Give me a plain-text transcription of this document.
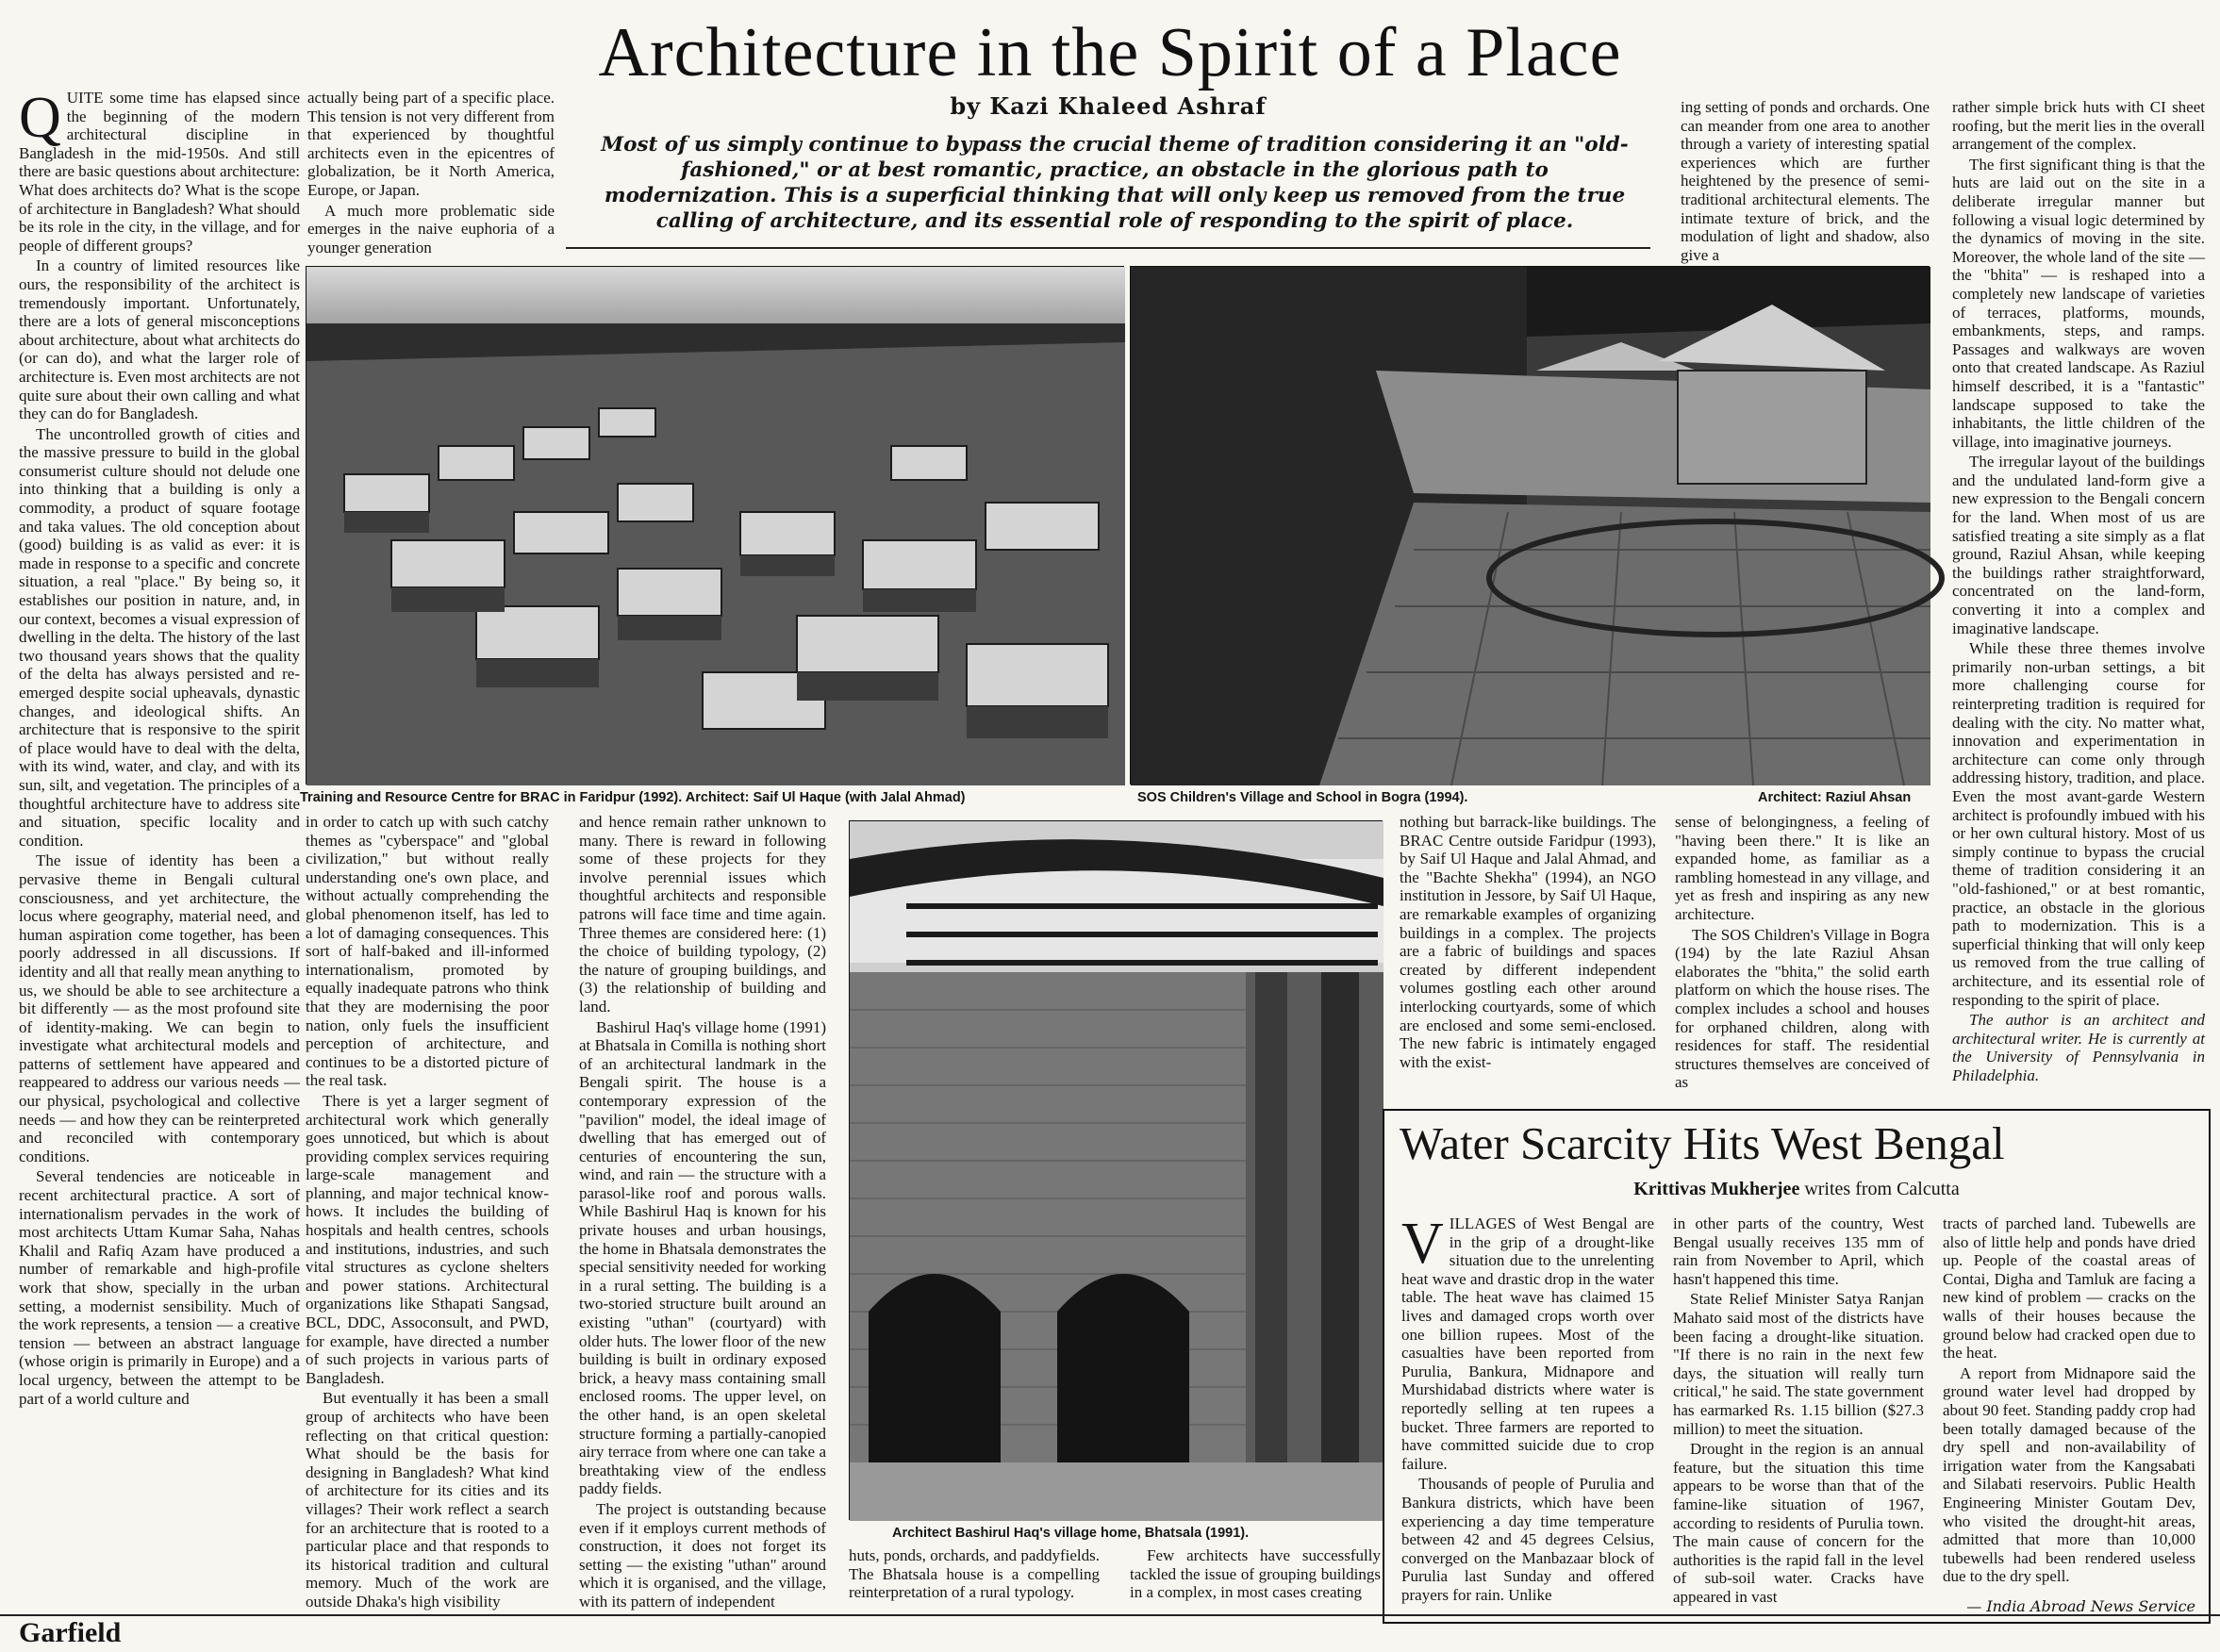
Architecture in the Spirit of a Place
by Kazi Khaleed Ashraf
Most of us simply continue to bypass the crucial theme of tradition considering it an "old-fashioned," or at best romantic, practice, an obstacle in the glorious path to modernization. This is a superficial thinking that will only keep us removed from the true calling of architecture, and its essential role of responding to the spirit of place.
Q UITE some time has elapsed since the beginning of the modern architectural discipline in Bangladesh in the mid-1950s. And still there are basic questions about architecture: What does architects do? What is the scope of architecture in Bangladesh? What should be its role in the city, in the village, and for people of different groups?

In a country of limited resources like ours, the responsibility of the architect is tremendously important. Unfortunately, there are a lots of general misconceptions about architecture, about what architects do (or can do), and what the larger role of architecture is. Even most architects are not quite sure about their own calling and what they can do for Bangladesh.

The uncontrolled growth of cities and the massive pressure to build in the global consumerist culture should not delude one into thinking that a building is only a commodity, a product of square footage and taka values. The old conception about (good) building is as valid as ever: it is made in response to a specific and concrete situation, a real "place." By being so, it establishes our position in nature, and, in our context, becomes a visual expression of dwelling in the delta. The history of the last two thousand years shows that the quality of the delta has always persisted and re-emerged despite social upheavals, dynastic changes, and ideological shifts. An architecture that is responsive to the spirit of place would have to deal with the delta, with its wind, water, and clay, and with its sun, silt, and vegetation. The principles of a thoughtful architecture have to address site and situation, specific locality and condition.

The issue of identity has been a pervasive theme in Bengali cultural consciousness, and yet architecture, the locus where geography, material need, and human aspiration come together, has been poorly addressed in all discussions. If identity and all that really mean anything to us, we should be able to see architecture a bit differently — as the most profound site of identity-making. We can begin to investigate what architectural models and patterns of settlement have appeared and reappeared to address our various needs — our physical, psychological and collective needs — and how they can be reinterpreted and reconciled with contemporary conditions.

Several tendencies are noticeable in recent architectural practice. A sort of internationalism pervades in the work of most architects Uttam Kumar Saha, Nahas Khalil and Rafiq Azam have produced a number of remarkable and high-profile work that show, specially in the urban setting, a modernist sensibility. Much of the work represents, a tension — a creative tension — between an abstract language (whose origin is primarily in Europe) and a local urgency, between the attempt to be part of a world culture and

actually being part of a specific place. This tension is not very different from that experienced by thoughtful architects even in the epicentres of globalization, be it North America, Europe, or Japan.

A much more problematic side emerges in the naive euphoria of a younger generation

Training and Resource Centre for BRAC in Faridpur (1992). Architect: Saif Ul Haque (with Jalal Ahmad)	SOS Children's Village and School in Bogra (1994).	Architect: Raziul Ahsan

in order to catch up with such catchy themes as "cyberspace" and "global civilization," but without really understanding one's own place, and without actually comprehending the global phenomenon itself, has led to a lot of damaging consequences. This sort of half-baked and ill-informed internationalism, promoted by equally inadequate patrons who think that they are modernising the poor nation, only fuels the insufficient perception of architecture, and continues to be a distorted picture of the real task.

There is yet a larger segment of architectural work which generally goes unnoticed, but which is about providing complex services requiring large-scale management and planning, and major technical know-hows. It includes the building of hospitals and health centres, schools and institutions, industries, and such vital structures as cyclone shelters and power stations. Architectural organizations like Sthapati Sangsad, BCL, DDC, Assoconsult, and PWD, for example, have directed a number of such projects in various parts of Bangladesh.

But eventually it has been a small group of architects who have been reflecting on that critical question: What should be the basis for designing in Bangladesh? What kind of architecture for its cities and its villages? Their work reflect a search for an architecture that is rooted to a particular place and that responds to its historical tradition and cultural memory. Much of the work are outside Dhaka's high visibility

and hence remain rather unknown to many. There is reward in following some of these projects for they involve perennial issues which thoughtful architects and responsible patrons will face time and time again. Three themes are considered here: (1) the choice of building typology, (2) the nature of grouping buildings, and (3) the relationship of building and land.

Bashirul Haq's village home (1991) at Bhatsala in Comilla is nothing short of an architectural landmark in the Bengali spirit. The house is a contemporary expression of the "pavilion" model, the ideal image of dwelling that has emerged out of centuries of encountering the sun, wind, and rain — the structure with a parasol-like roof and porous walls. While Bashirul Haq is known for his private houses and urban housings, the home in Bhatsala demonstrates the special sensitivity needed for working in a rural setting. The building is a two-storied structure built around an existing "uthan" (courtyard) with older huts. The lower floor of the new building is built in ordinary exposed brick, a heavy mass containing small enclosed rooms. The upper level, on the other hand, is an open skeletal structure forming a partially-canopied airy terrace from where one can take a breathtaking view of the endless paddy fields.

The project is outstanding because even if it employs current methods of construction, it does not forget its setting — the existing "uthan" around which it is organised, and the village, with its pattern of independent

Architect Bashirul Haq's village home, Bhatsala (1991).

huts, ponds, orchards, and paddyfields. The Bhatsala house is a compelling reinterpretation of a rural typology.

Few architects have successfully tackled the issue of grouping buildings in a complex, in most cases creating

nothing but barrack-like buildings. The BRAC Centre outside Faridpur (1993), by Saif Ul Haque and Jalal Ahmad, and the "Bachte Shekha" (1994), an NGO institution in Jessore, by Saif Ul Haque, are remarkable examples of organizing buildings in a complex. The projects are a fabric of buildings and spaces created by different independent volumes gostling each other around interlocking courtyards, some of which are enclosed and some semi-enclosed. The new fabric is intimately engaged with the exist-

ing setting of ponds and orchards. One can meander from one area to another through a variety of interesting spatial experiences which are further heightened by the presence of semi-traditional architectural elements. The intimate texture of brick, and the modulation of light and shadow, also give a

sense of belongingness, a feeling of "having been there." It is like an expanded home, as familiar as a rambling homestead in any village, and yet as fresh and inspiring as any new architecture.

The SOS Children's Village in Bogra (194) by the late Raziul Ahsan elaborates the "bhita," the solid earth platform on which the house rises. The complex includes a school and houses for orphaned children, along with residences for staff. The residential structures themselves are conceived of as

rather simple brick huts with CI sheet roofing, but the merit lies in the overall arrangement of the complex.

The first significant thing is that the huts are laid out on the site in a deliberate irregular manner but following a visual logic determined by the dynamics of moving in the site. Moreover, the whole land of the site — the "bhita" — is reshaped into a completely new landscape of varieties of terraces, platforms, mounds, embankments, steps, and ramps. Passages and walkways are woven onto that created landscape. As Raziul himself described, it is a "fantastic" landscape supposed to take the inhabitants, the little children of the village, into imaginative journeys.

The irregular layout of the buildings and the undulated land-form give a new expression to the Bengali concern for the land. When most of us are satisfied treating a site simply as a flat ground, Raziul Ahsan, while keeping the buildings rather straightforward, concentrated on the land-form, converting it into a complex and imaginative landscape.

While these three themes involve primarily non-urban settings, a bit more challenging course for reinterpreting tradition is required for dealing with the city. No matter what, innovation and experimentation in architecture can come only through addressing history, tradition, and place. Even the most avant-garde Western architect is profoundly imbued with his or her own cultural history. Most of us simply continue to bypass the crucial theme of tradition considering it an "old-fashioned," or at best romantic, practice, an obstacle in the glorious path to modernization. This is a superficial thinking that will only keep us removed from the true calling of architecture, and its essential role of responding to the spirit of place.

The author is an architect and architectural writer. He is currently at the University of Pennsylvania in Philadelphia.

Water Scarcity Hits West Bengal
Krittivas Mukherjee writes from Calcutta
V ILLAGES of West Bengal are in the grip of a drought-like situation due to the unrelenting heat wave and drastic drop in the water table. The heat wave has claimed 15 lives and damaged crops worth over one billion rupees. Most of the casualties have been reported from Purulia, Bankura, Midnapore and Murshidabad districts where water is reportedly selling at ten rupees a bucket. Three farmers are reported to have committed suicide due to crop failure.

Thousands of people of Purulia and Bankura districts, which have been experiencing a day time temperature between 42 and 45 degrees Celsius, converged on the Manbazaar block of Purulia last Sunday and offered prayers for rain. Unlike

in other parts of the country, West Bengal usually receives 135 mm of rain from November to April, which hasn't happened this time.

State Relief Minister Satya Ranjan Mahato said most of the districts have been facing a drought-like situation. "If there is no rain in the next few days, the situation will really turn critical," he said. The state government has earmarked Rs. 1.15 billion ($27.3 million) to meet the situation.

Drought in the region is an annual feature, but the situation this time appears to be worse than that of the famine-like situation of 1967, according to residents of Purulia town. The main cause of concern for the authorities is the rapid fall in the level of sub-soil water. Cracks have appeared in vast

tracts of parched land. Tubewells are also of little help and ponds have dried up. People of the coastal areas of Contai, Digha and Tamluk are facing a new kind of problem — cracks on the walls of their houses because the ground below had cracked open due to the heat.

A report from Midnapore said the ground water level had dropped by about 90 feet. Standing paddy crop had been totally damaged because of the dry spell and non-availability of irrigation water from the Kangsabati and Silabati reservoirs. Public Health Engineering Minister Goutam Dev, who visited the drought-hit areas, admitted that more than 10,000 tubewells had been rendered useless due to the dry spell.

— India Abroad News Service
Garfield
